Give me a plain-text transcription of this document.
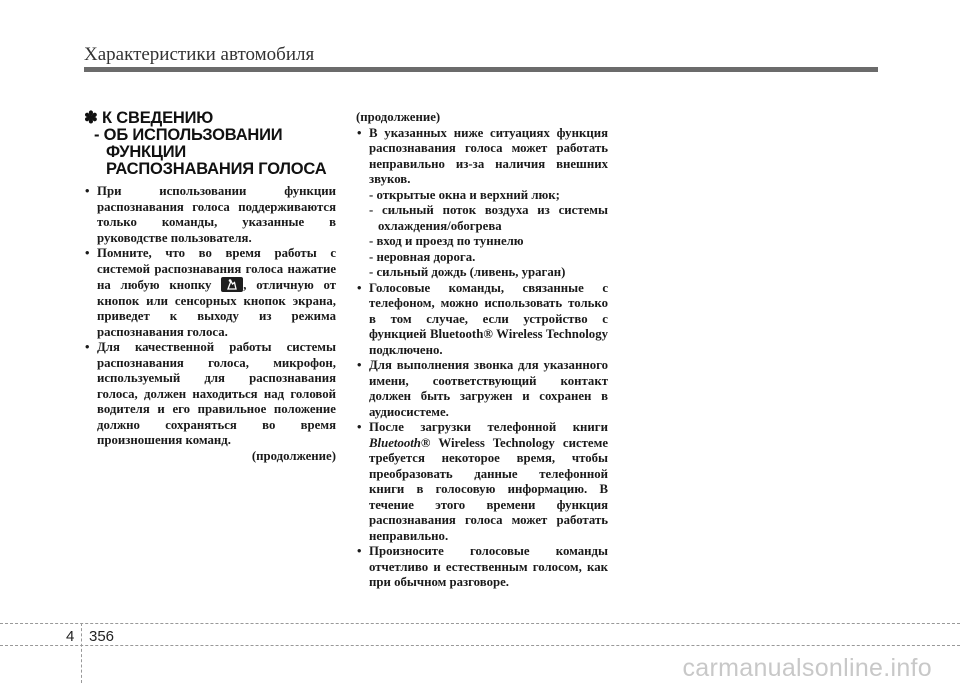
Характеристики автомобиля
✽ К СВЕДЕНИЮ
- ОБ ИСПОЛЬЗОВАНИИ
ФУНКЦИИ
РАСПОЗНАВАНИЯ ГОЛОСА
• При использовании функции распознавания голоса поддерживаются только команды, указанные в руководстве пользователя.
• Помните, что во время работы с системой распознавания голоса нажатие на любую кнопку , отличную от кнопок или сенсорных кнопок экрана, приведет к выходу из режима распознавания голоса.
• Для качественной работы системы распознавания голоса, микрофон, используемый для распознавания голоса, должен находиться над головой водителя и его правильное положение должно сохраняться во время произношения команд.
(продолжение)
(продолжение)
• В указанных ниже ситуациях функция распознавания голоса может работать неправильно из-за наличия внешних звуков.
- открытые окна и верхний люк;
- сильный поток воздуха из системы охлаждения/обогрева
- вход и проезд по туннелю
- неровная дорога.
- сильный дождь (ливень, ураган)
• Голосовые команды, связанные с телефоном, можно использовать только в том случае, если устройство с функцией Bluetooth® Wireless Technology подключено.
• Для выполнения звонка для указанного имени, соответствующий контакт должен быть загружен и сохранен в аудиосистеме.
• После загрузки телефонной книги Bluetooth® Wireless Technology системе требуется некоторое время, чтобы преобразовать данные телефонной книги в голосовую информацию. В течение этого времени функция распознавания голоса может работать неправильно.
• Произносите голосовые команды отчетливо и естественным голосом, как при обычном разговоре.
4 356
carmanualsonline.info
